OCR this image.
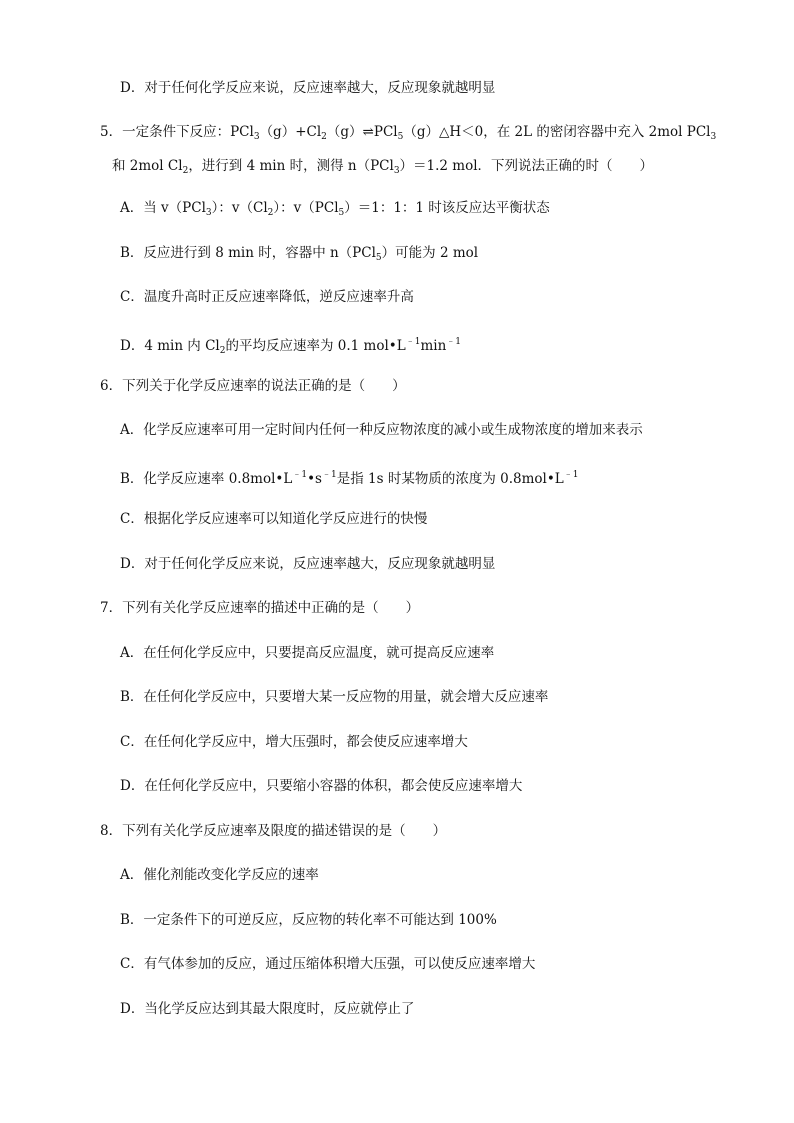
D．对于任何化学反应来说，反应速率越大，反应现象就越明显
5．一定条件下反应：$PCl_3(g)+Cl_2(g)\rightleftharpoons PCl_5(g)\triangle H<0$，在 2L 的密闭容器中充入 2mol PCl$_3$
和 2mol $Cl_2$，进行到 4 min 时，测得 n（PCl$_3$）＝1.2 mol．下列说法正确的时（　　）
A．当 v（PCl$_3$）：$v(Cl_2)$：v（PCl$_5$）＝1：1：1 时该反应达平衡状态
B．反应进行到 8 min 时，容器中 n（PCl$_5$）可能为 2 mol
C．温度升高时正反应速率降低，逆反应速率升高
D．4 min 内 $Cl_2$的平均反应速率为 0.1 $mol•L^{﹣1}\min^{﹣1}$
6．下列关于化学反应速率的说法正确的是（　　）
A．化学反应速率可用一定时间内任何一种反应物浓度的减小或生成物浓度的增加来表示
B．化学反应速率 $0.8mol•L^{﹣1}•s^{﹣1}$是指 1s 时某物质的浓度为 $0.8mol•L^{﹣1}$
C．根据化学反应速率可以知道化学反应进行的快慢
D．对于任何化学反应来说，反应速率越大，反应现象就越明显
7．下列有关化学反应速率的描述中正确的是（　　）
A．在任何化学反应中，只要提高反应温度，就可提高反应速率
B．在任何化学反应中，只要增大某一反应物的用量，就会增大反应速率
C．在任何化学反应中，增大压强时，都会使反应速率增大
D．在任何化学反应中，只要缩小容器的体积，都会使反应速率增大
8．下列有关化学反应速率及限度的描述错误的是（　　）
A．催化剂能改变化学反应的速率
B．一定条件下的可逆反应，反应物的转化率不可能达到 100%
C．有气体参加的反应，通过压缩体积增大压强，可以使反应速率增大
D．当化学反应达到其最大限度时，反应就停止了
